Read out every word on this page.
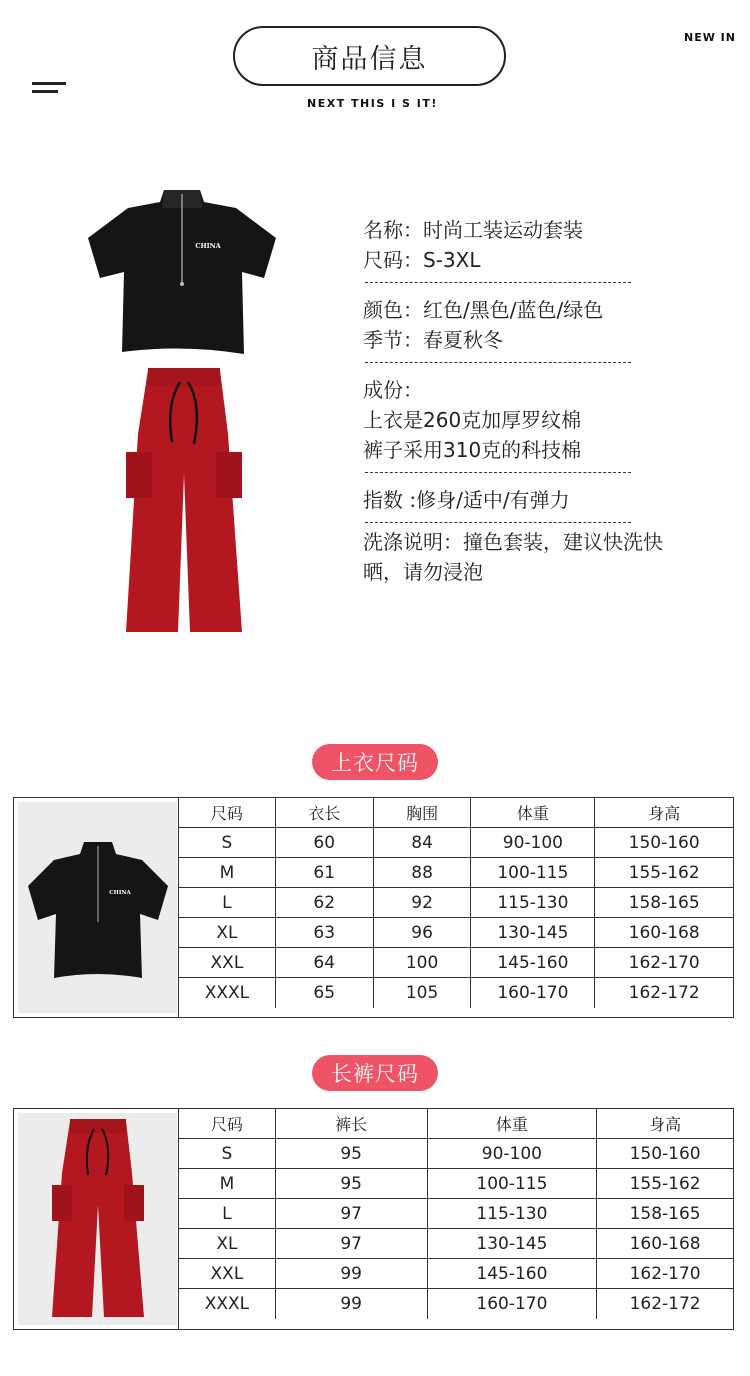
商品信息
NEXT THIS I S IT!
NEW IN
CHINA
名称：时尚工装运动套装
尺码：S-3XL
颜色：红色/黑色/蓝色/绿色
季节：春夏秋冬
成份：
上衣是260克加厚罗纹棉
裤子采用310克的科技棉
指数 :修身/适中/有弹力
洗涤说明：撞色套装，建议快洗快
晒，请勿浸泡
上衣尺码
CHINA
尺码	衣长	胸围	体重	身高
S	60	84	90-100	150-160
M	61	88	100-115	155-162
L	62	92	115-130	158-165
XL	63	96	130-145	160-168
XXL	64	100	145-160	162-170
XXXL	65	105	160-170	162-172
长裤尺码
尺码	裤长	体重	身高
S	95	90-100	150-160
M	95	100-115	155-162
L	97	115-130	158-165
XL	97	130-145	160-168
XXL	99	145-160	162-170
XXXL	99	160-170	162-172
